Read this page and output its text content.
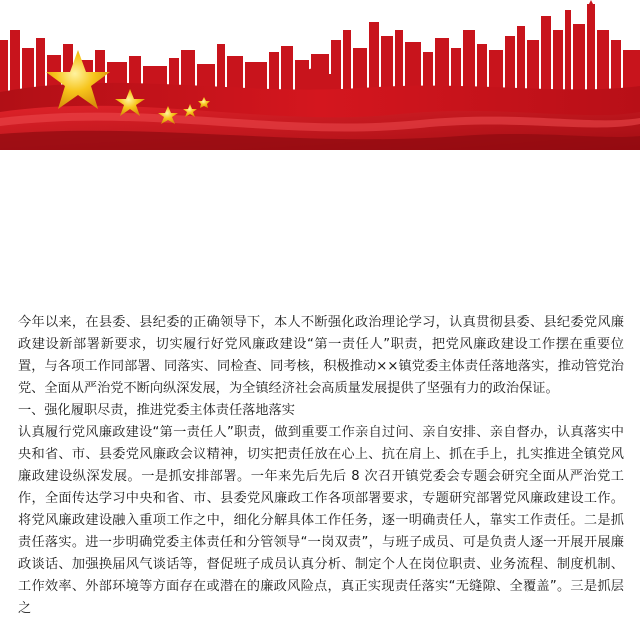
今年以来，在县委、县纪委的正确领导下，本人不断强化政治理论学习，认真贯彻县委、县纪委党风廉政建设新部署新要求，切实履行好党风廉政建设“第一责任人”职责，把党风廉政建设工作摆在重要位置，与各项工作同部署、同落实、同检查、同考核，积极推动××镇党委主体责任落地落实，推动管党治党、全面从严治党不断向纵深发展，为全镇经济社会高质量发展提供了坚强有力的政治保证。

一、强化履职尽责，推进党委主体责任落地落实

认真履行党风廉政建设“第一责任人”职责，做到重要工作亲自过问、亲自安排、亲自督办，认真落实中央和省、市、县委党风廉政会议精神，切实把责任放在心上、抗在肩上、抓在手上，扎实推进全镇党风廉政建设纵深发展。一是抓安排部署。一年来先后先后 8 次召开镇党委会专题会研究全面从严治党工作，全面传达学习中央和省、市、县委党风廉政工作各项部署要求，专题研究部署党风廉政建设工作。将党风廉政建设融入重项工作之中，细化分解具体工作任务，逐一明确责任人，靠实工作责任。二是抓责任落实。进一步明确党委主体责任和分管领导“一岗双责”，与班子成员、可是负责人逐一开展开展廉政谈话、加强换届风气谈话等，督促班子成员认真分析、制定个人在岗位职责、业务流程、制度机制、工作效率、外部环境等方面存在或潜在的廉政风险点，真正实现责任落实“无缝隙、全覆盖”。三是抓层之
